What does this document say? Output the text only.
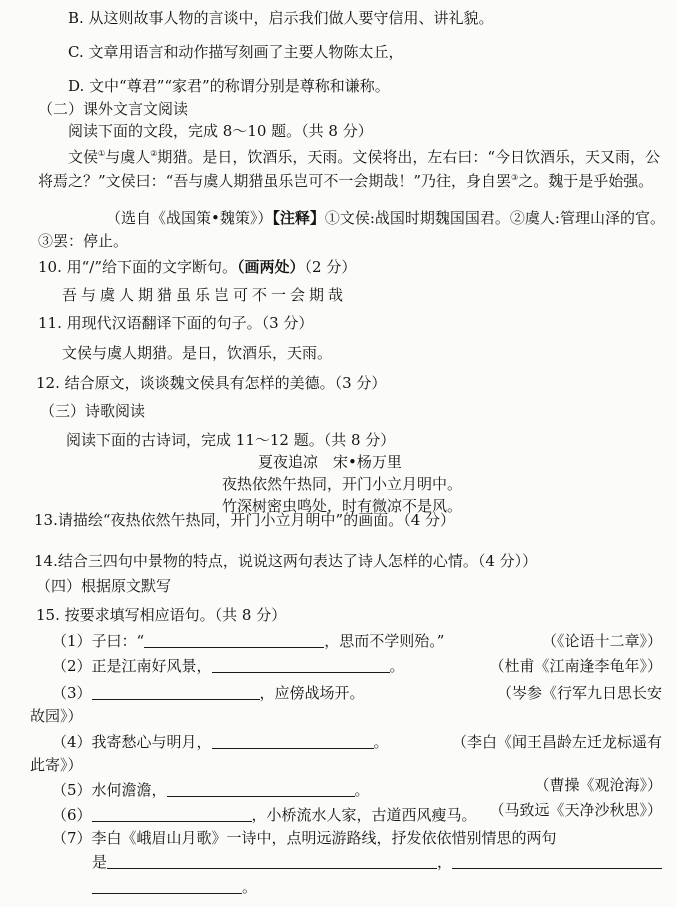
B. 从这则故事人物的言谈中，启示我们做人要守信用、讲礼貌。
C. 文章用语言和动作描写刻画了主要人物陈太丘，
D. 文中“尊君”“家君”的称谓分别是尊称和谦称。
（二）课外文言文阅读
阅读下面的文段，完成 8～10 题。（共 8 分）
文侯①与虞人②期猎。是日，饮酒乐，天雨。文侯将出，左右曰：“今日饮酒乐，天又雨，公将焉之？”文侯曰：“吾与虞人期猎虽乐岂可不一会期哉！”乃往，身自罢③之。魏于是乎始强。
（选自《战国策•魏策》）【注释】①文侯:战国时期魏国国君。②虞人:管理山泽的官。③罢：停止。
10. 用“/”给下面的文字断句。（画两处）（2 分）
吾与虞人期猎虽乐岂可不一会期哉
11. 用现代汉语翻译下面的句子。（3 分）
文侯与虞人期猎。是日，饮酒乐，天雨。
12. 结合原文，谈谈魏文侯具有怎样的美德。（3 分）
（三）诗歌阅读
阅读下面的古诗词，完成 11～12 题。（共 8 分）
夏夜追凉　宋•杨万里
夜热依然午热同，开门小立月明中。
竹深树密虫鸣处，时有微凉不是风。
13.请描绘“夜热依然午热同，开门小立月明中”的画面。（4 分）
14.结合三四句中景物的特点，说说这两句表达了诗人怎样的心情。（4 分））
（四）根据原文默写
15. 按要求填写相应语句。（共 8 分）
（1）子曰：“	，思而不学则殆。”	（《论语十二章》）
（2）正是江南好风景，	。	（杜甫《江南逢李龟年》）
（3）	，应傍战场开。	（岑参《行军九日思长安
故园》）
（4）我寄愁心与明月，	。	（李白《闻王昌龄左迁龙标遥有
此寄》）
（5）水何澹澹，	。	（曹操《观沧海》）
（6）	，小桥流水人家，古道西风瘦马。 （马致远《天净沙秋思》）
（7）李白《峨眉山月歌》一诗中，点明远游路线，抒发依依惜别情思的两句
是	，
。
